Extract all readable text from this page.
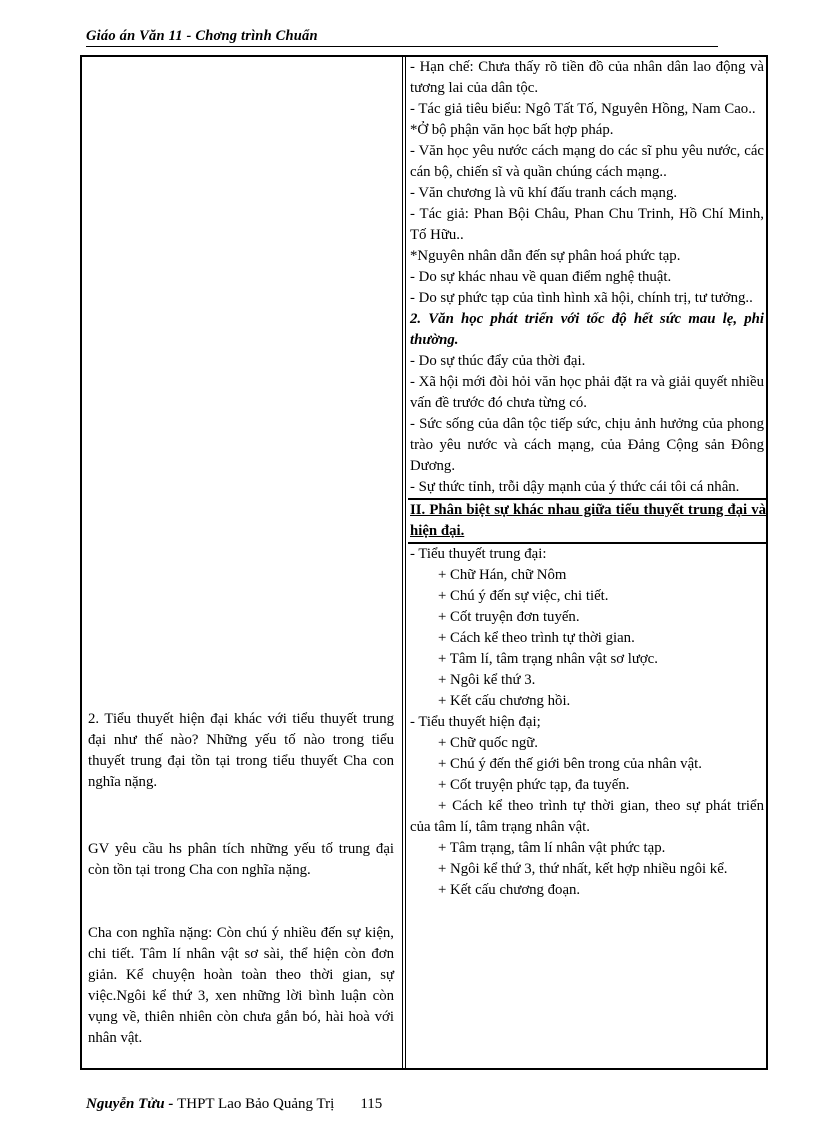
Giáo án Văn 11 - Chơng trình Chuẩn

2. Tiểu thuyết hiện đại khác với tiểu thuyết trung đại như thế nào? Những yếu tố nào trong tiểu thuyết trung đại tồn tại trong tiểu thuyết Cha con nghĩa nặng.

GV yêu cầu hs phân tích những yếu tố trung đại còn tồn tại trong Cha con nghĩa nặng.

Cha con nghĩa nặng: Còn chú ý nhiều đến sự kiện, chi tiết. Tâm lí nhân vật sơ sài, thể hiện còn đơn giản. Kể chuyện hoàn toàn theo thời gian, sự việc.Ngôi kể thứ 3, xen những lời bình luận còn vụng về, thiên nhiên còn chưa gắn bó, hài hoà với nhân vật.

- Hạn chế: Chưa thấy rõ tiền đồ của nhân dân lao động và tương lai của dân tộc.

- Tác giả tiêu biểu: Ngô Tất Tố, Nguyên Hồng, Nam Cao..

*Ở bộ phận văn học bất hợp pháp.

- Văn học yêu nước cách mạng do các sĩ phu yêu nước, các cán bộ, chiến sĩ và quần chúng cách mạng..

- Văn chương là vũ khí đấu tranh cách mạng.

- Tác giả: Phan Bội Châu, Phan Chu Trinh, Hồ Chí Minh, Tố Hữu..

*Nguyên nhân dẫn đến sự phân hoá phức tạp.

- Do sự khác nhau về quan điểm nghệ thuật.

- Do sự phức tạp của tình hình xã hội, chính trị, tư tưởng..

2. Văn học phát triển với tốc độ hết sức mau lẹ, phi thường.

- Do sự thúc đẩy của thời đại.

- Xã hội mới đòi hỏi văn học phải đặt ra và giải quyết nhiều vấn đề trước đó chưa từng có.

- Sức sống của dân tộc tiếp sức, chịu ảnh hưởng của phong trào yêu nước và cách mạng, của Đảng Cộng sản Đông Dương.

- Sự thức tỉnh, trỗi dậy mạnh của ý thức cái tôi cá nhân.

II. Phân biệt sự khác nhau giữa tiểu thuyết trung đại và hiện đại.

- Tiểu thuyết trung đại:

+ Chữ Hán, chữ Nôm

+ Chú ý đến sự việc, chi tiết.

+ Cốt truyện đơn tuyến.

+ Cách kể theo trình tự thời gian.

+ Tâm lí, tâm trạng nhân vật sơ lược.

+ Ngôi kể thứ 3.

+ Kết cấu chương hồi.

- Tiểu thuyết hiện đại;

+ Chữ quốc ngữ.

+ Chú ý đến thế giới bên trong của nhân vật.

+ Cốt truyện phức tạp, đa tuyến.

+ Cách kể theo trình tự thời gian, theo sự phát triển của tâm lí, tâm trạng nhân vật.

+ Tâm trạng, tâm lí nhân vật phức tạp.

+ Ngôi kể thứ 3, thứ nhất, kết hợp nhiều ngôi kể.

+ Kết cấu chương đoạn.

Nguyễn Tửu - THPT Lao Bảo Quảng Trị 115
